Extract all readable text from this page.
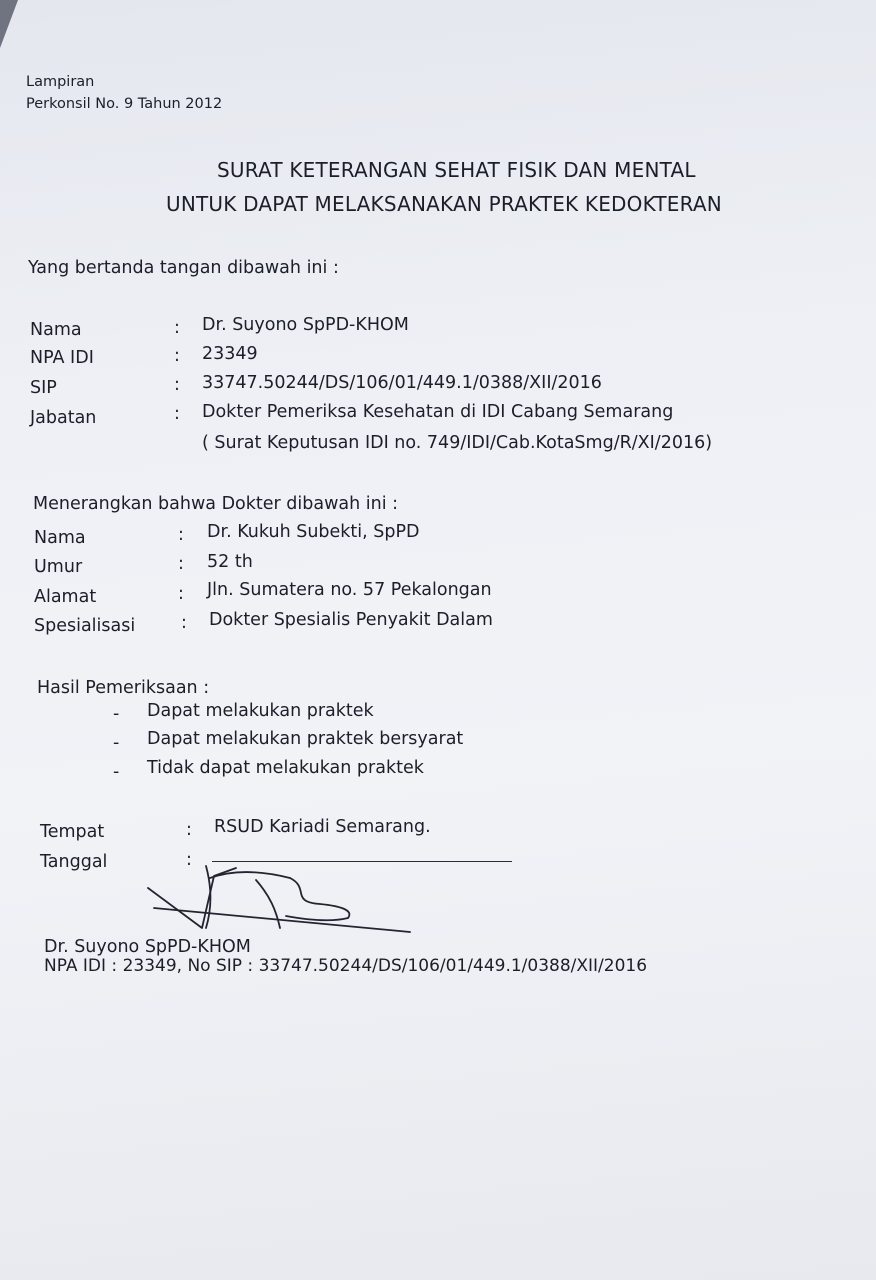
Lampiran
Perkonsil No. 9 Tahun 2012
SURAT KETERANGAN SEHAT FISIK DAN MENTAL
UNTUK DAPAT MELAKSANAKAN PRAKTEK KEDOKTERAN
Yang bertanda tangan dibawah ini :
Nama	: Dr. Suyono SpPD-KHOM
NPA IDI	: 23349
SIP	: 33747.50244/DS/106/01/449.1/0388/XII/2016
Jabatan	: Dokter Pemeriksa Kesehatan di IDI Cabang Semarang
( Surat Keputusan IDI no. 749/IDI/Cab.KotaSmg/R/XI/2016)
Menerangkan bahwa Dokter dibawah ini :
Nama	: Dr. Kukuh Subekti, SpPD
Umur	: 52 th
Alamat	: Jln. Sumatera no. 57 Pekalongan
Spesialisasi	: Dokter Spesialis Penyakit Dalam
Hasil Pemeriksaan :
- Dapat melakukan praktek
- Dapat melakukan praktek bersyarat
- Tidak dapat melakukan praktek
Tempat	: RSUD Kariadi Semarang.
Tanggal	:
Dr. Suyono SpPD-KHOM
NPA IDI : 23349, No SIP : 33747.50244/DS/106/01/449.1/0388/XII/2016
